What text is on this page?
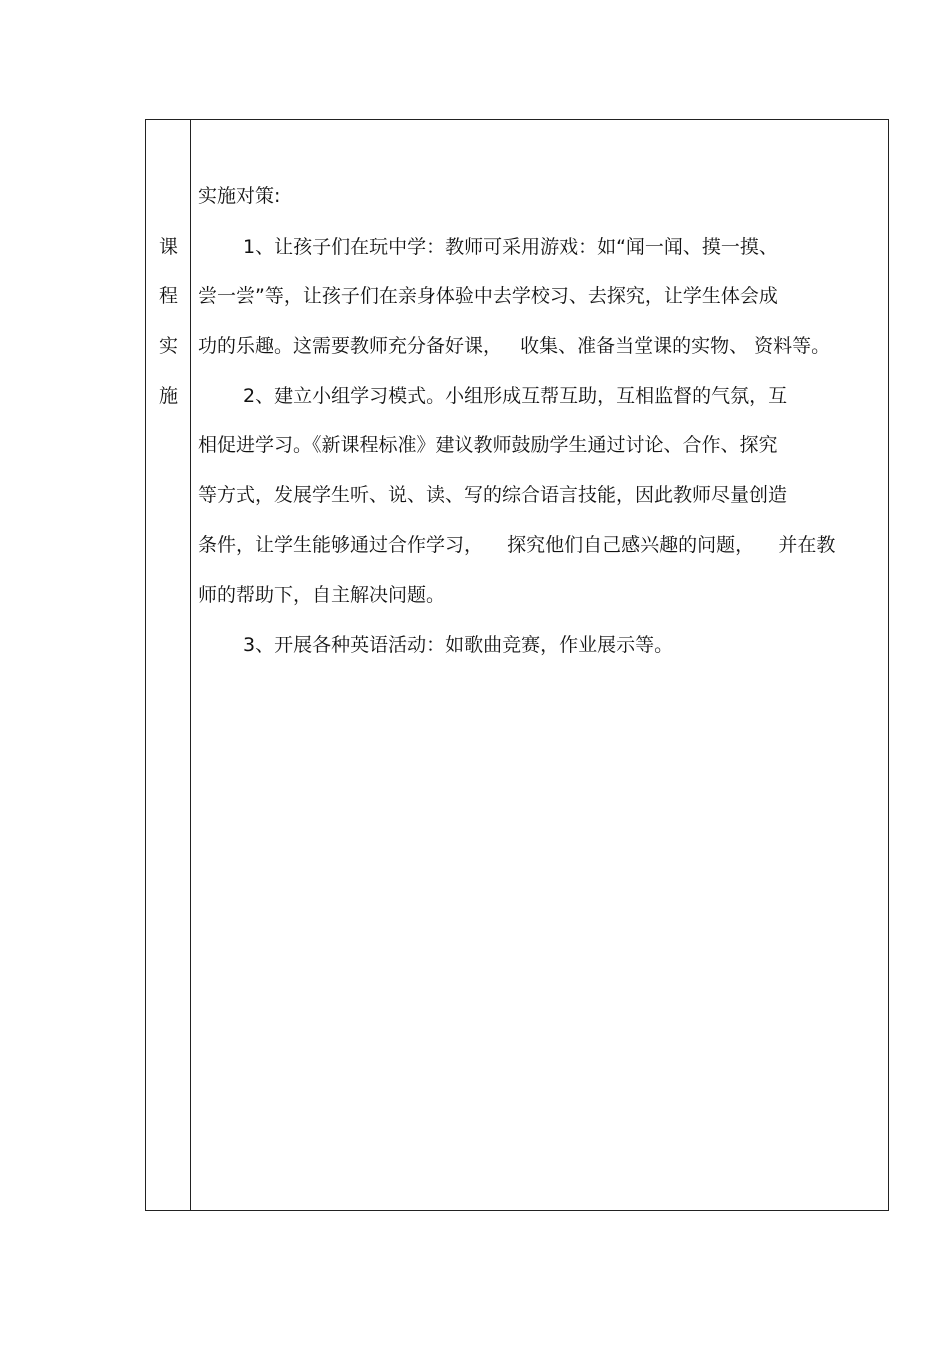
课
程
实
施
实施对策:
1、让孩子们在玩中学：教师可采用游戏：如“闻一闻、摸一摸、
尝一尝”等，让孩子们在亲身体验中去学校习、去探究，让学生体会成
功的乐趣。这需要教师充分备好课，   收集、准备当堂课的实物、 资料等。
2、建立小组学习模式。小组形成互帮互助，互相监督的气氛，互
相促进学习。《新课程标准》建议教师鼓励学生通过讨论、合作、探究
等方式，发展学生听、说、读、写的综合语言技能，因此教师尽量创造
条件，让学生能够通过合作学习，    探究他们自己感兴趣的问题，    并在教
师的帮助下，自主解决问题。
3、开展各种英语活动：如歌曲竞赛，作业展示等。
